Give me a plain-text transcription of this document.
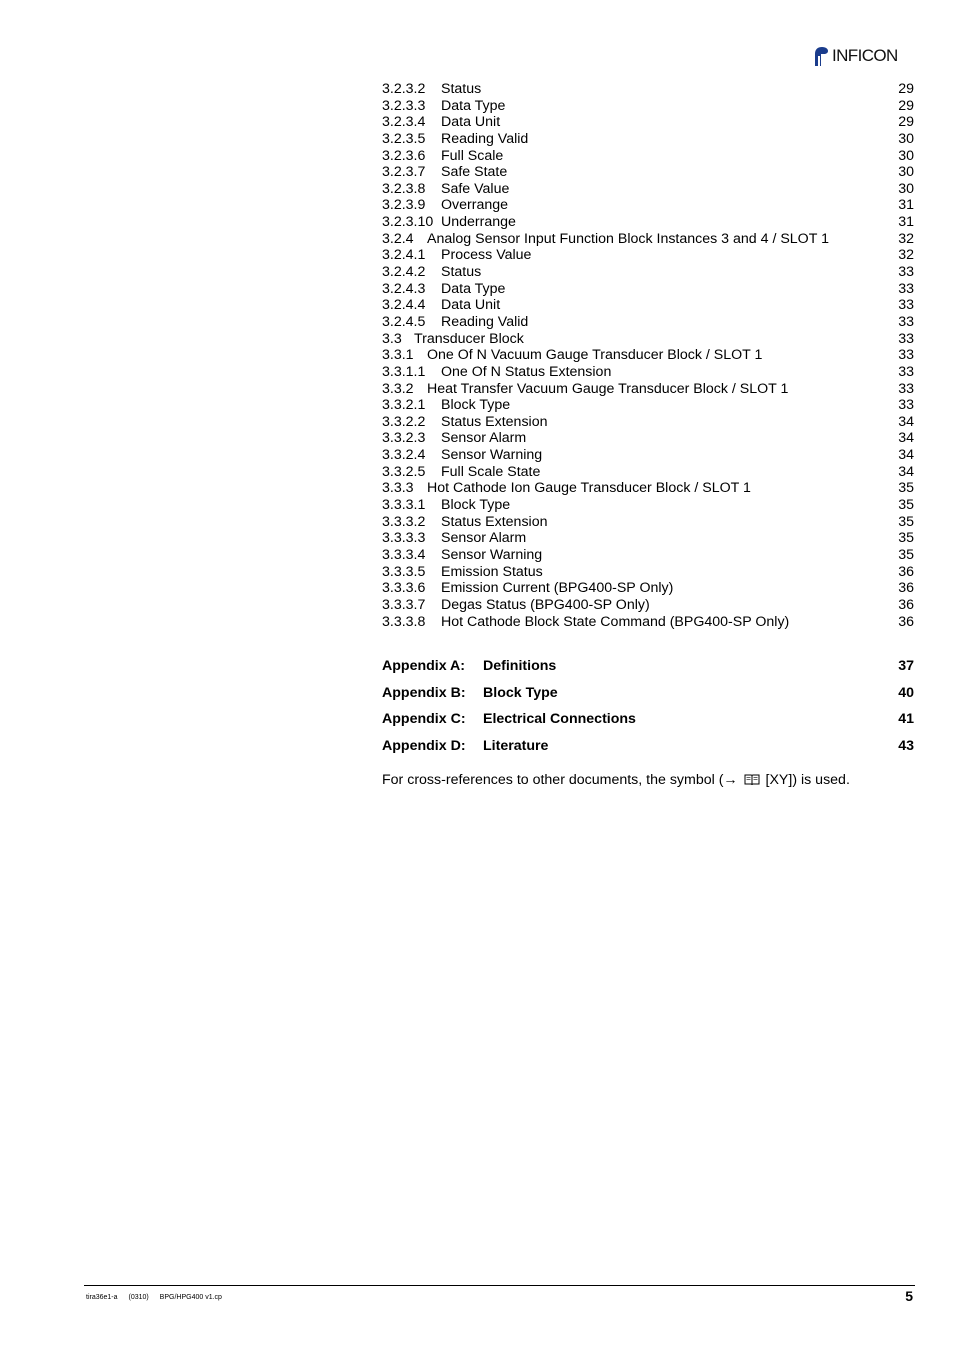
INFICON
3.2.3.2 Status	29
3.2.3.3 Data Type	29
3.2.3.4 Data Unit	29
3.2.3.5 Reading Valid	30
3.2.3.6 Full Scale	30
3.2.3.7 Safe State	30
3.2.3.8 Safe Value	30
3.2.3.9 Overrange	31
3.2.3.10 Underrange	31
3.2.4 Analog Sensor Input Function Block Instances 3 and 4 / SLOT 1	32
3.2.4.1 Process Value	32
3.2.4.2 Status	33
3.2.4.3 Data Type	33
3.2.4.4 Data Unit	33
3.2.4.5 Reading Valid	33
3.3 Transducer Block	33
3.3.1 One Of N Vacuum Gauge Transducer Block / SLOT 1	33
3.3.1.1 One Of N Status Extension	33
3.3.2 Heat Transfer Vacuum Gauge Transducer Block / SLOT 1	33
3.3.2.1 Block Type	33
3.3.2.2 Status Extension	34
3.3.2.3 Sensor Alarm	34
3.3.2.4 Sensor Warning	34
3.3.2.5 Full Scale State	34
3.3.3 Hot Cathode Ion Gauge Transducer Block / SLOT 1	35
3.3.3.1 Block Type	35
3.3.3.2 Status Extension	35
3.3.3.3 Sensor Alarm	35
3.3.3.4 Sensor Warning	35
3.3.3.5 Emission Status	36
3.3.3.6 Emission Current (BPG400-SP Only)	36
3.3.3.7 Degas Status (BPG400-SP Only)	36
3.3.3.8 Hot Cathode Block State Command (BPG400-SP Only)	36
Appendix A: Definitions	37
Appendix B: Block Type	40
Appendix C: Electrical Connections	41
Appendix D: Literature	43
For cross-references to other documents, the symbol (→ [XY]) is used.
tira36e1-a (0310) BPG/HPG400 v1.cp	5
